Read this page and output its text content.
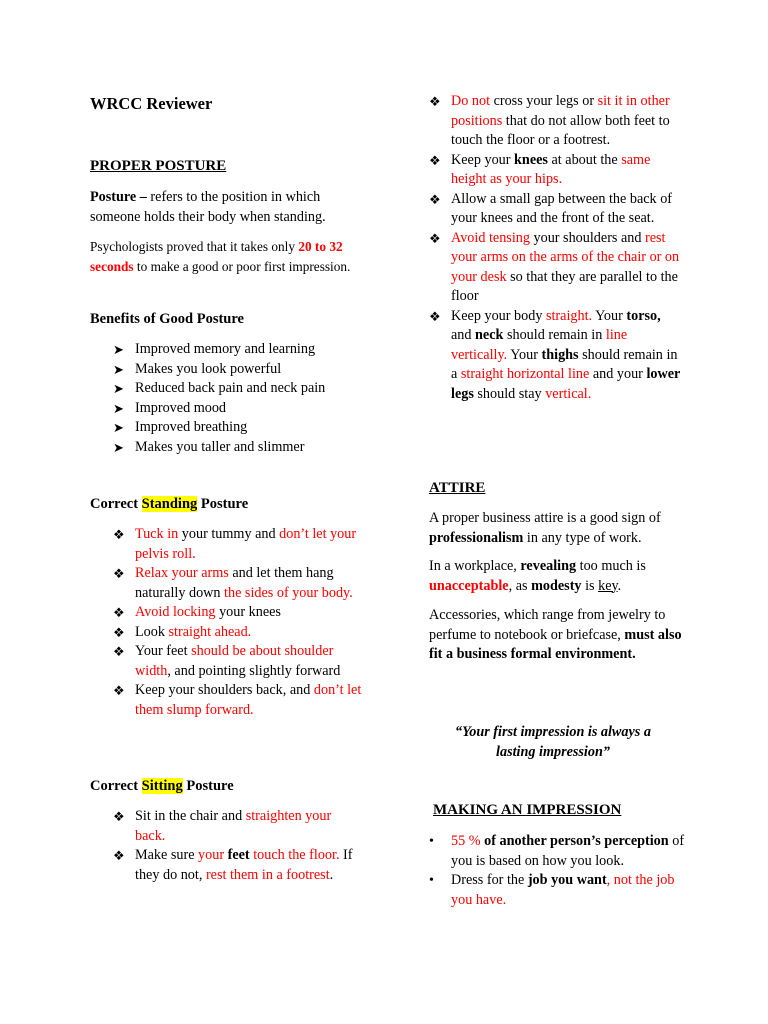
WRCC Reviewer
PROPER POSTURE
Posture – refers to the position in which someone holds their body when standing.
Psychologists proved that it takes only 20 to 32 seconds to make a good or poor first impression.
Benefits of Good Posture
➤ Improved memory and learning
➤ Makes you look powerful
➤ Reduced back pain and neck pain
➤ Improved mood
➤ Improved breathing
➤ Makes you taller and slimmer
Correct Standing Posture
❖ Tuck in your tummy and don’t let your pelvis roll.
❖ Relax your arms and let them hang naturally down the sides of your body.
❖ Avoid locking your knees
❖ Look straight ahead.
❖ Your feet should be about shoulder width, and pointing slightly forward
❖ Keep your shoulders back, and don’t let them slump forward.
Correct Sitting Posture
❖ Sit in the chair and straighten your back.
❖ Make sure your feet touch the floor. If they do not, rest them in a footrest.
❖ Do not cross your legs or sit it in other positions that do not allow both feet to touch the floor or a footrest.
❖ Keep your knees at about the same height as your hips.
❖ Allow a small gap between the back of your knees and the front of the seat.
❖ Avoid tensing your shoulders and rest your arms on the arms of the chair or on your desk so that they are parallel to the floor
❖ Keep your body straight. Your torso, and neck should remain in line vertically. Your thighs should remain in a straight horizontal line and your lower legs should stay vertical.
ATTIRE
A proper business attire is a good sign of professionalism in any type of work.
In a workplace, revealing too much is unacceptable, as modesty is key.
Accessories, which range from jewelry to perfume to notebook or briefcase, must also fit a business formal environment.
“Your first impression is always a lasting impression”
MAKING AN IMPRESSION
•	55 % of another person’s perception of you is based on how you look.
•	Dress for the job you want, not the job you have.
